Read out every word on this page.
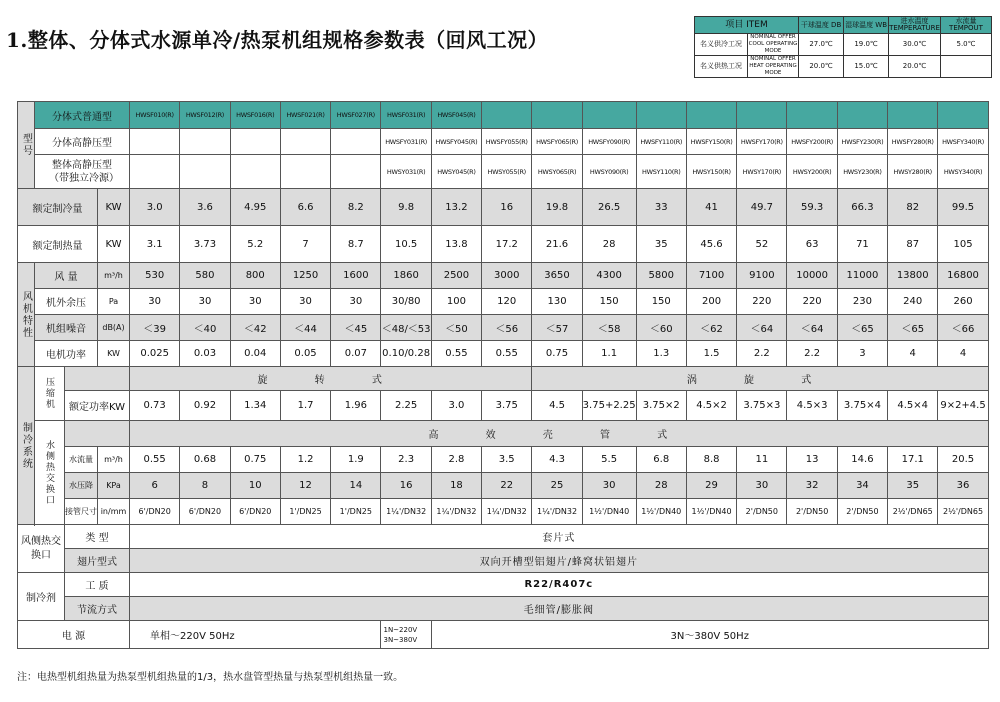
1.整体、分体式水源单冷/热泵机组规格参数表（回风工况）
项目 ITEM		干球温度 DB	湿球温度 WB	进水温度 TEMPERATURE	水流量 TEMPOUT
名义供冷工况	NOMINAL OFFER COOL OPERATING MODE	27.0℃	19.0℃	30.0℃	5.0℃
名义供热工况	NOMINAL OFFER HEAT OPERATING MODE	20.0℃	15.0℃	20.0℃	
型号	分体式普通型			HWSF010(R)	HWSF012(R)	HWSF016(R)	HWSF021(R)	HWSF027(R)	HWSF031(R)	HWSF045(R)										
	分体高静压型								HWSFY031(R)	HWSFY045(R)	HWSFY055(R)	HWSFY065(R)	HWSFY090(R)	HWSFY110(R)	HWSFY150(R)	HWSFY170(R)	HWSFY200(R)	HWSFY230(R)	HWSFY280(R)	HWSFY340(R)
	整体高静压型（带独立冷源）								HWSY031(R)	HWSY045(R)	HWSY055(R)	HWSY065(R)	HWSY090(R)	HWSY110(R)	HWSY150(R)	HWSY170(R)	HWSY200(R)	HWSY230(R)	HWSY280(R)	HWSY340(R)
额定制冷量			KW	3.0	3.6	4.95	6.6	8.2	9.8	13.2	16	19.8	26.5	33	41	49.7	59.3	66.3	82	99.5
额定制热量			KW	3.1	3.73	5.2	7	8.7	10.5	13.8	17.2	21.6	28	35	45.6	52	63	71	87	105
风机特性	风 量		m³/h	530	580	800	1250	1600	1860	2500	3000	3650	4300	5800	7100	9100	10000	11000	13800	16800
	机外余压		Pa	30	30	30	30	30	30/80	100	120	130	150	150	200	220	220	230	240	260
	机组噪音		dB(A)	＜39	＜40	＜42	＜44	＜45	＜48/＜53	＜50	＜56	＜57	＜58	＜60	＜62	＜64	＜64	＜65	＜65	＜66
	电机功率		KW	0.025	0.03	0.04	0.05	0.07	0.10/0.28	0.55	0.55	0.75	1.1	1.3	1.5	2.2	2.2	3	4	4
制冷系统	压缩机			旋 转 式								涡 旋 式								
		额定功率KW		0.73	0.92	1.34	1.7	1.96	2.25	3.0	3.75	4.5	3.75+2.25	3.75×2	4.5×2	3.75×3	4.5×3	3.75×4	4.5×4	9×2+4.5
	水侧热交换口			高 效 壳 管 式																
		水流量	m³/h	0.55	0.68	0.75	1.2	1.9	2.3	2.8	3.5	4.3	5.5	6.8	8.8	11	13	14.6	17.1	20.5
		水压降	KPa	6	8	10	12	14	16	18	22	25	30	28	29	30	32	34	35	36
		接管尺寸	in/mm	6'/DN20	6'/DN20	6'/DN20	1'/DN25	1'/DN25	1¼'/DN32	1¼'/DN32	1¼'/DN32	1¼'/DN32	1½'/DN40	1½'/DN40	1½'/DN40	2'/DN50	2'/DN50	2'/DN50	2½'/DN65	2½'/DN65

风侧热交换口		类 型		套片式																
		翅片型式		双向开槽型铝翅片/蜂窝状铝翅片																
制冷剂		工 质		R22/R407c																
		节流方式		毛细管/膨胀阀																
电 源				单相～220V 50Hz					1N~220V 3N~380V	3N～380V 50Hz										
注：电热型机组热量为热泵型机组热量的1/3，热水盘管型热量与热泵型机组热量一致。
